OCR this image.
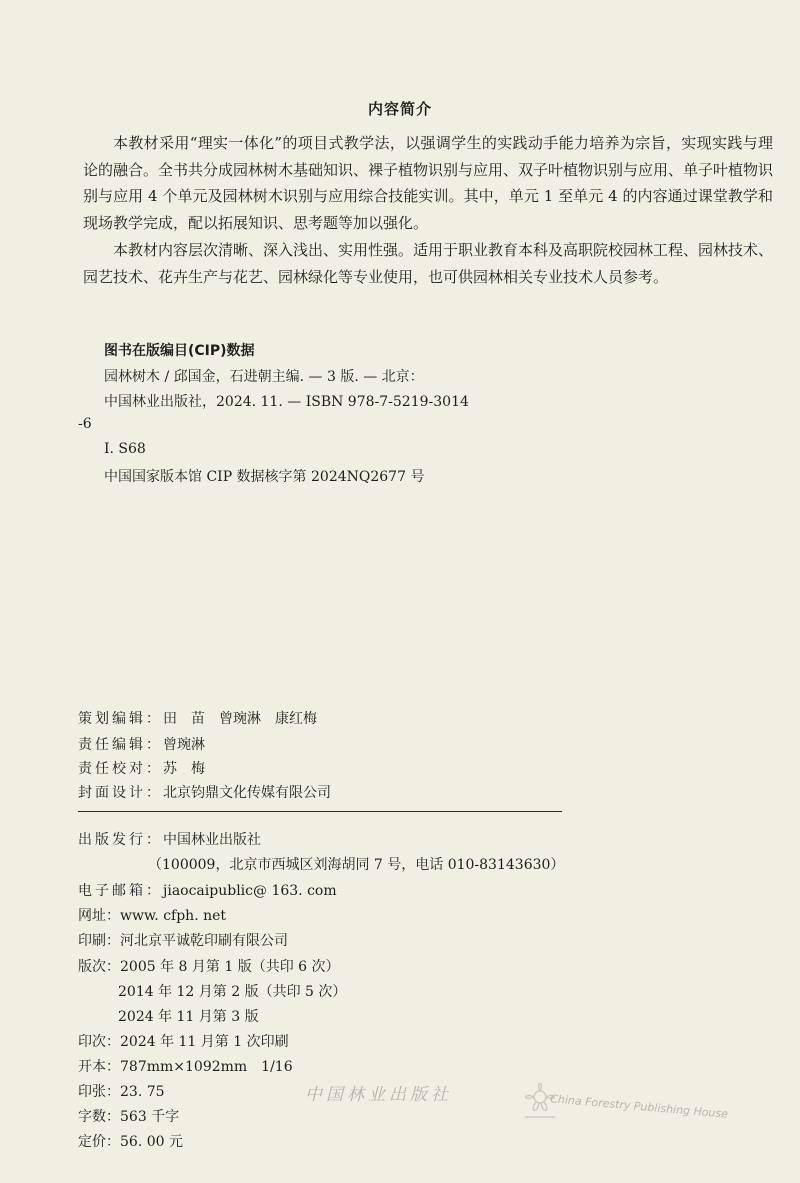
内容简介

本教材采用“理实一体化”的项目式教学法，以强调学生的实践动手能力培养为宗旨，实现实践与理论的融合。全书共分成园林树木基础知识、裸子植物识别与应用、双子叶植物识别与应用、单子叶植物识别与应用 4 个单元及园林树木识别与应用综合技能实训。其中，单元 1 至单元 4 的内容通过课堂教学和现场教学完成，配以拓展知识、思考题等加以强化。

本教材内容层次清晰、深入浅出、实用性强。适用于职业教育本科及高职院校园林工程、园林技术、园艺技术、花卉生产与花艺、园林绿化等专业使用，也可供园林相关专业技术人员参考。

图书在版编目(CIP)数据
园林树木 / 邱国金，石进朝主编. — 3 版. — 北京：
中国林业出版社，2024. 11. — ISBN 978-7-5219-3014
-6
Ⅰ. S68
中国国家版本馆 CIP 数据核字第 2024NQ2677 号
策划编辑：田　苗　曾琬淋　康红梅
责任编辑：曾琬淋
责任校对：苏　梅
封面设计：北京钧鼎文化传媒有限公司
出版发行：中国林业出版社
（100009，北京市西城区刘海胡同 7 号，电话 010-83143630）
电子邮箱：jiaocaipublic@ 163. com
网址：www. cfph. net
印刷：河北京平诚乾印刷有限公司
版次：2005 年 8 月第 1 版（共印 6 次）
2014 年 12 月第 2 版（共印 5 次）
2024 年 11 月第 3 版
印次：2024 年 11 月第 1 次印刷
开本：787mm×1092mm　1/16
印张：23. 75
字数：563 千字
定价：56. 00 元
中国林业出版社	China Forestry Publishing House
